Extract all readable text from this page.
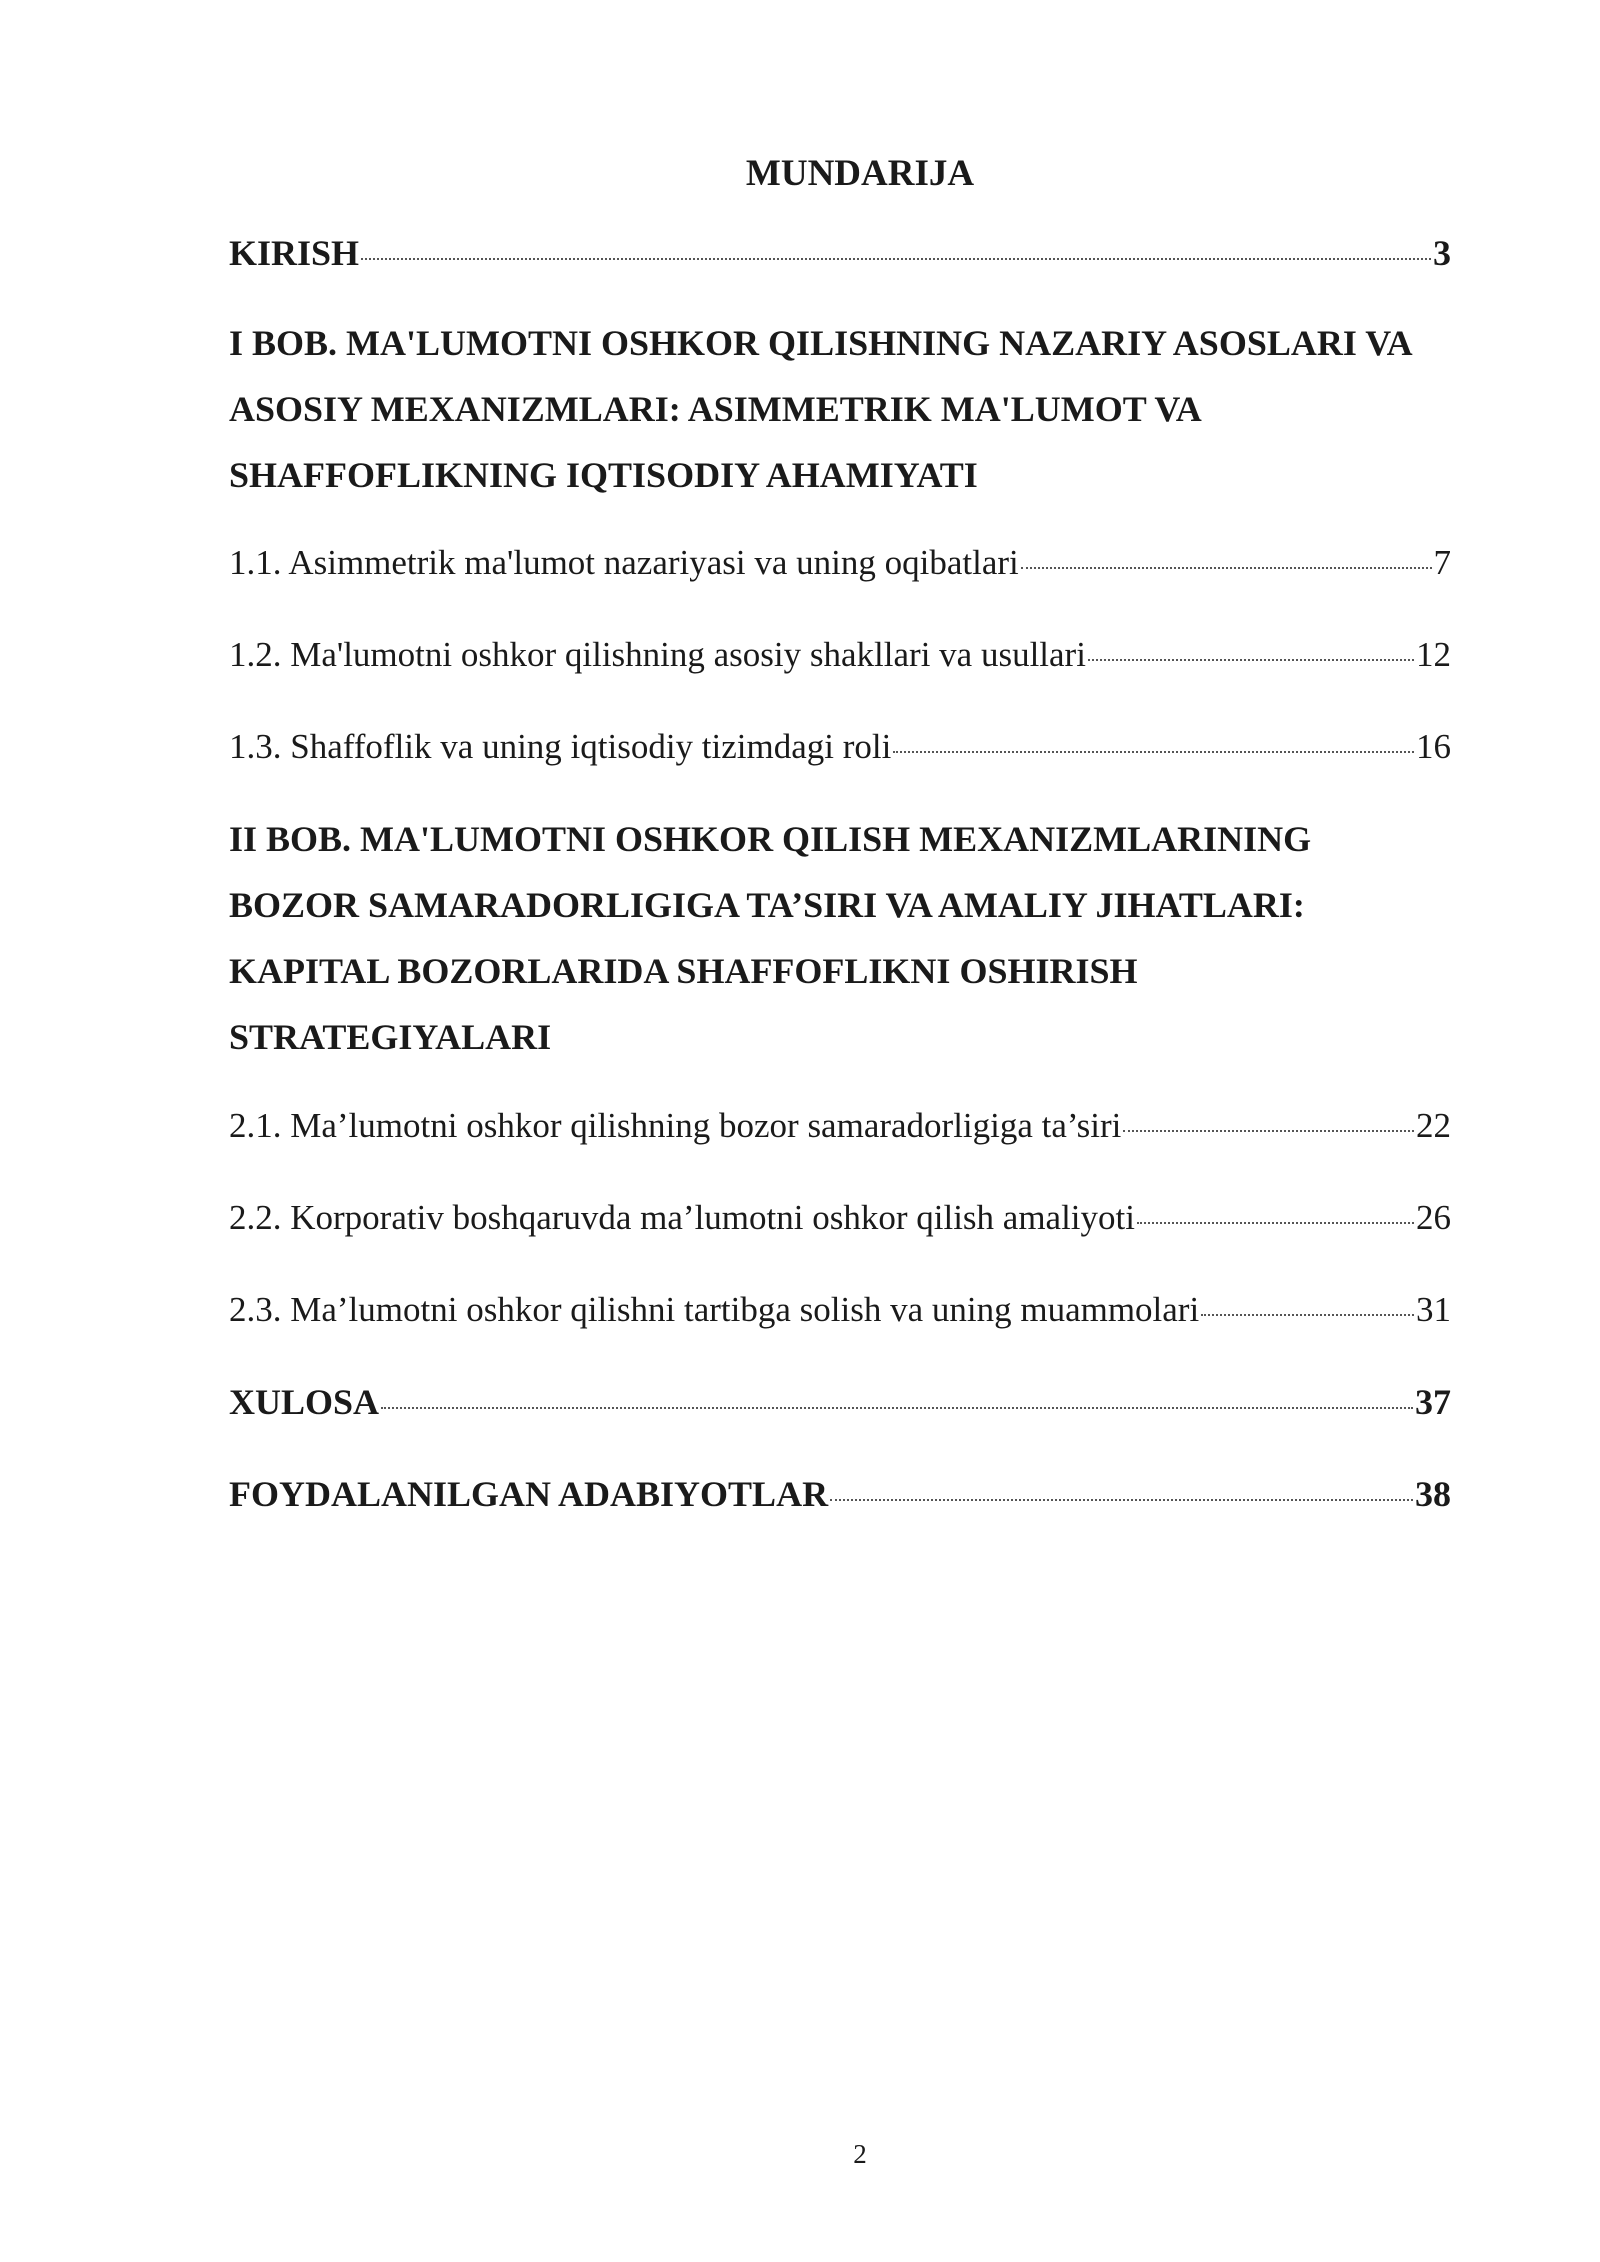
MUNDARIJA
KIRISH	3
I BOB. MA'LUMOTNI OSHKOR QILISHNING NAZARIY ASOSLARI VA
ASOSIY MEXANIZMLARI: ASIMMETRIK MA'LUMOT VA
SHAFFOFLIKNING IQTISODIY AHAMIYATI
1.1. Asimmetrik ma'lumot nazariyasi va uning oqibatlari	7
1.2. Ma'lumotni oshkor qilishning asosiy shakllari va usullari	12
1.3. Shaffoflik va uning iqtisodiy tizimdagi roli	16
II BOB. MA'LUMOTNI OSHKOR QILISH MEXANIZMLARINING
BOZOR SAMARADORLIGIGA TA’SIRI VA AMALIY JIHATLARI:
KAPITAL BOZORLARIDA SHAFFOFLIKNI OSHIRISH
STRATEGIYALARI
2.1. Ma’lumotni oshkor qilishning bozor samaradorligiga ta’siri	22
2.2. Korporativ boshqaruvda ma’lumotni oshkor qilish amaliyoti	26
2.3. Ma’lumotni oshkor qilishni tartibga solish va uning muammolari	31
XULOSA	37
FOYDALANILGAN ADABIYOTLAR	38
2
